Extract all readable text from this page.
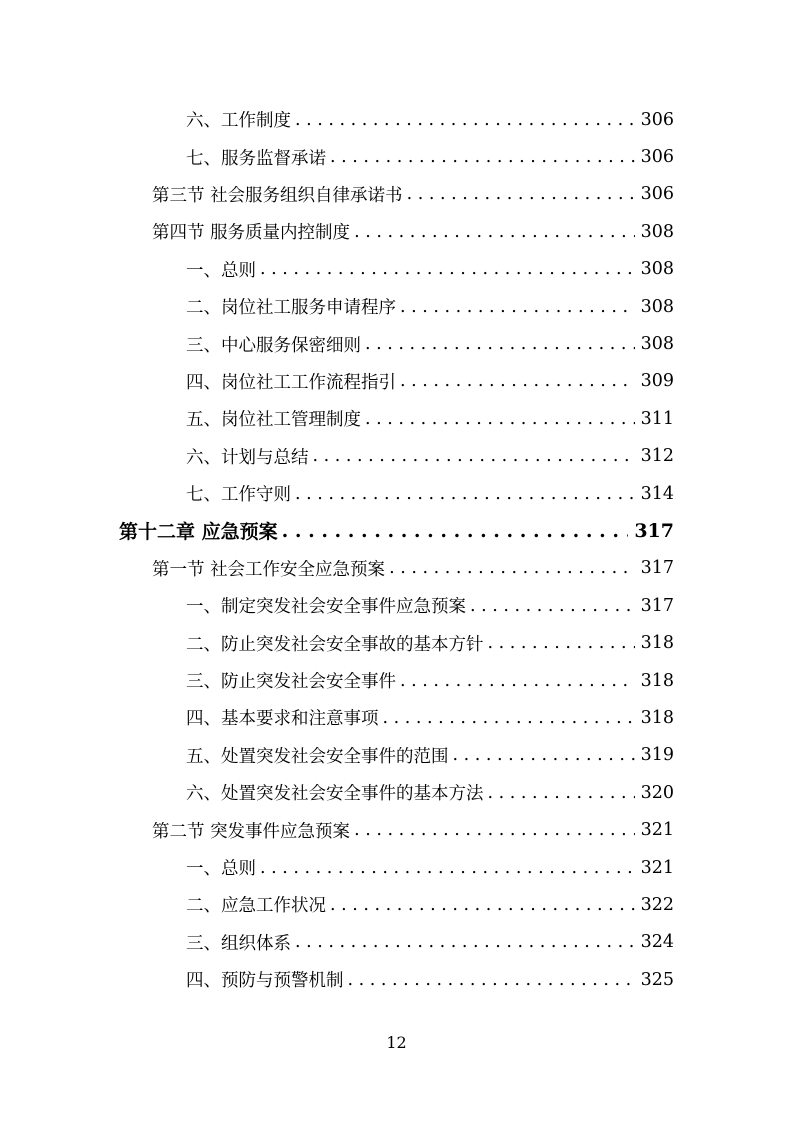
六、工作制度 . . .	306
七、服务监督承诺 . . .	306
第三节 社会服务组织自律承诺书 . . .	306
第四节 服务质量内控制度 . . .	308
一、总则 . . .	308
二、岗位社工服务申请程序 . . .	308
三、中心服务保密细则 . . .	308
四、岗位社工工作流程指引 . . .	309
五、岗位社工管理制度 . . .	311
六、计划与总结 . . .	312
七、工作守则 . . .	314
第十二章 应急预案 . . .	317
第一节 社会工作安全应急预案 . . .	317
一、制定突发社会安全事件应急预案 . . .	317
二、防止突发社会安全事故的基本方针 . . .	318
三、防止突发社会安全事件 . . .	318
四、基本要求和注意事项 . . .	318
五、处置突发社会安全事件的范围 . . .	319
六、处置突发社会安全事件的基本方法 . . .	320
第二节 突发事件应急预案 . . .	321
一、总则 . . .	321
二、应急工作状况 . . .	322
三、组织体系 . . .	324
四、预防与预警机制 . . .	325
12
